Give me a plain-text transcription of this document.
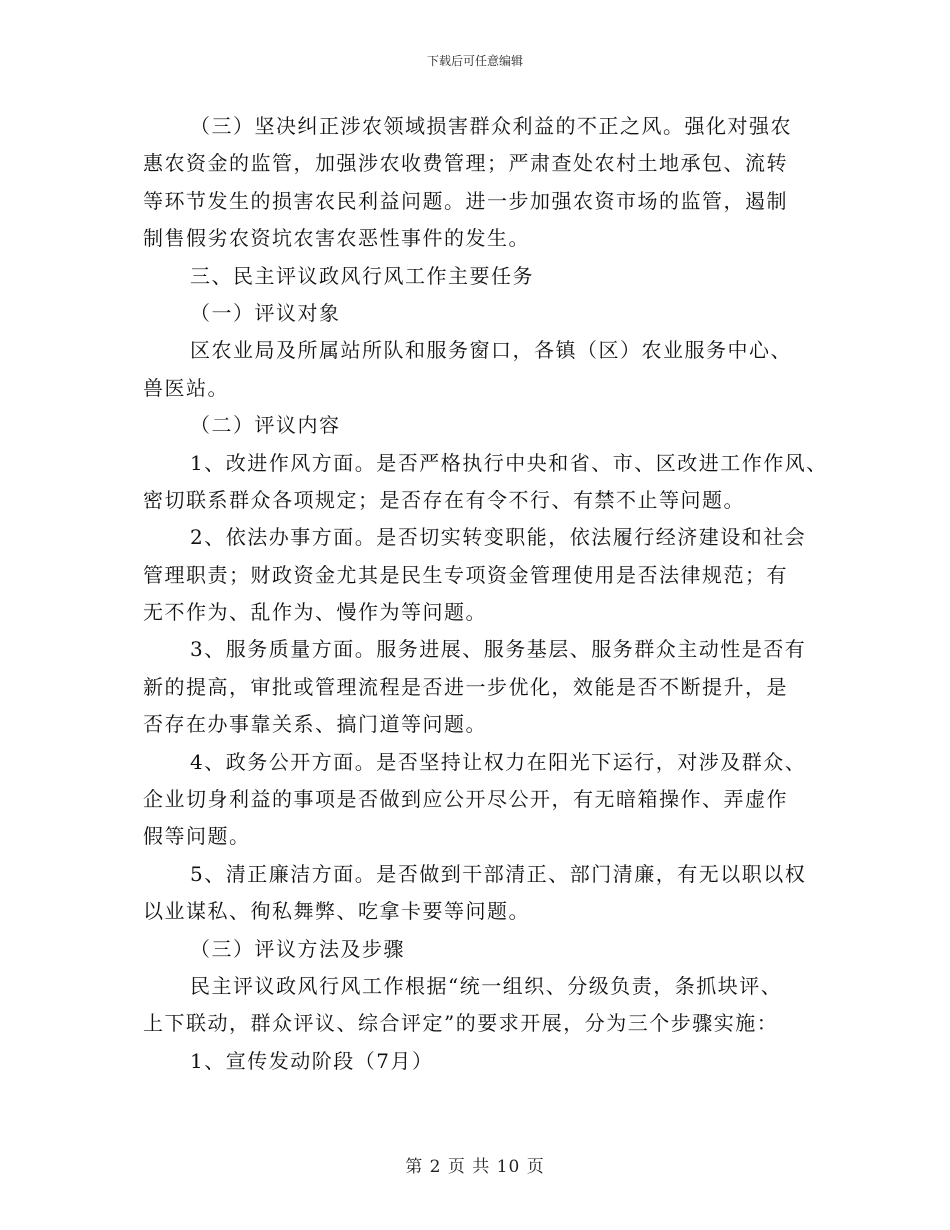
下载后可任意编辑
（三）坚决纠正涉农领域损害群众利益的不正之风。强化对强农
惠农资金的监管，加强涉农收费管理；严肃查处农村土地承包、流转
等环节发生的损害农民利益问题。进一步加强农资市场的监管，遏制
制售假劣农资坑农害农恶性事件的发生。
三、民主评议政风行风工作主要任务
（一）评议对象
区农业局及所属站所队和服务窗口，各镇（区）农业服务中心、
兽医站。
（二）评议内容
1、改进作风方面。是否严格执行中央和省、市、区改进工作作风、
密切联系群众各项规定；是否存在有令不行、有禁不止等问题。
2、依法办事方面。是否切实转变职能，依法履行经济建设和社会
管理职责；财政资金尤其是民生专项资金管理使用是否法律规范；有
无不作为、乱作为、慢作为等问题。
3、服务质量方面。服务进展、服务基层、服务群众主动性是否有
新的提高，审批或管理流程是否进一步优化，效能是否不断提升，是
否存在办事靠关系、搞门道等问题。
4、政务公开方面。是否坚持让权力在阳光下运行，对涉及群众、
企业切身利益的事项是否做到应公开尽公开，有无暗箱操作、弄虚作
假等问题。
5、清正廉洁方面。是否做到干部清正、部门清廉，有无以职以权
以业谋私、徇私舞弊、吃拿卡要等问题。
（三）评议方法及步骤
民主评议政风行风工作根据“统一组织、分级负责，条抓块评、
上下联动，群众评议、综合评定”的要求开展，分为三个步骤实施：
1、宣传发动阶段（7月）
第 2 页 共 10 页
